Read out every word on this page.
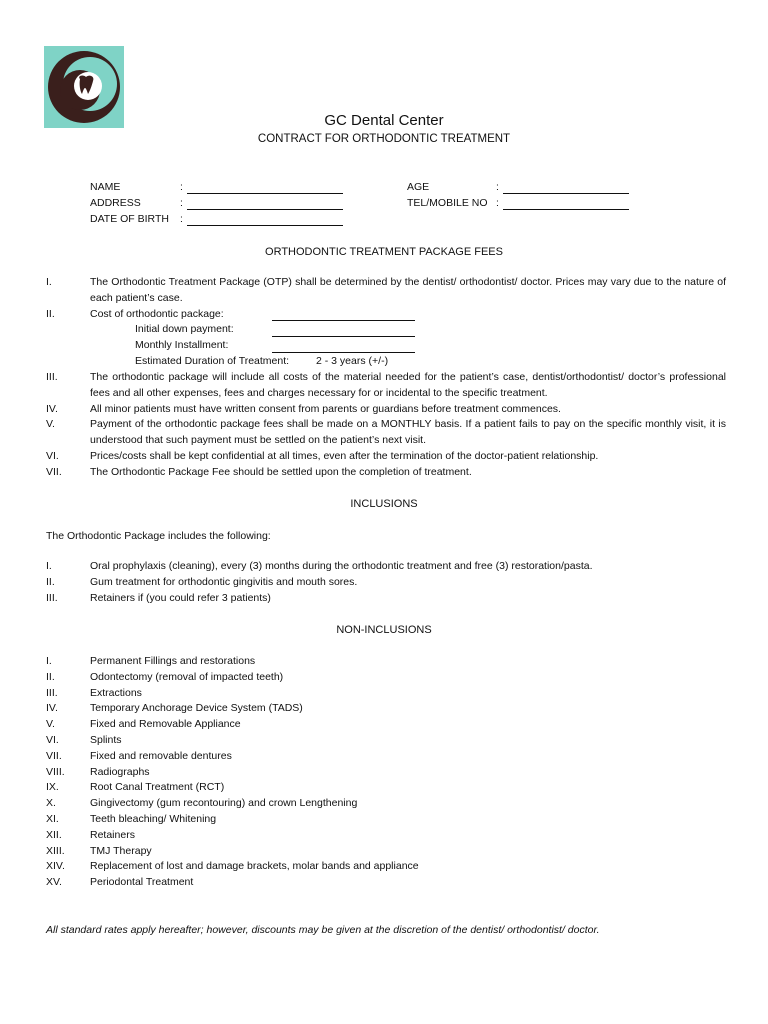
GC Dental Center
CONTRACT FOR ORTHODONTIC TREATMENT
NAME	:
ADDRESS	:
DATE OF BIRTH :
AGE	:
TEL/MOBILE NO :
ORTHODONTIC TREATMENT PACKAGE FEES
I.	The Orthodontic Treatment Package (OTP) shall be determined by the dentist/ orthodontist/ doctor. Prices may vary due to the nature of each patient’s case.
II.	Cost of orthodontic package:
Initial down payment:
Monthly Installment:
Estimated Duration of Treatment:	2 - 3 years (+/-)
III.	The orthodontic package will include all costs of the material needed for the patient’s case, dentist/orthodontist/ doctor’s professional fees and all other expenses, fees and charges necessary for or incidental to the specific treatment.
IV.	All minor patients must have written consent from parents or guardians before treatment commences.
V.	Payment of the orthodontic package fees shall be made on a MONTHLY basis. If a patient fails to pay on the specific monthly visit, it is understood that such payment must be settled on the patient’s next visit.
VI.	Prices/costs shall be kept confidential at all times, even after the termination of the doctor-patient relationship.
VII.	The Orthodontic Package Fee should be settled upon the completion of treatment.
INCLUSIONS
The Orthodontic Package includes the following:
I.	Oral prophylaxis (cleaning), every (3) months during the orthodontic treatment and free (3) restoration/pasta.
II.	Gum treatment for orthodontic gingivitis and mouth sores.
III.	Retainers if (you could refer 3 patients)
NON-INCLUSIONS
I.	Permanent Fillings and restorations
II.	Odontectomy (removal of impacted teeth)
III.	Extractions
IV.	Temporary Anchorage Device System (TADS)
V.	Fixed and Removable Appliance
VI.	Splints
VII.	Fixed and removable dentures
VIII.	Radiographs
IX.	Root Canal Treatment (RCT)
X.	Gingivectomy (gum recontouring) and crown Lengthening
XI.	Teeth bleaching/ Whitening
XII.	Retainers
XIII.	TMJ Therapy
XIV.	Replacement of lost and damage brackets, molar bands and appliance
XV.	Periodontal Treatment
All standard rates apply hereafter; however, discounts may be given at the discretion of the dentist/ orthodontist/ doctor.
